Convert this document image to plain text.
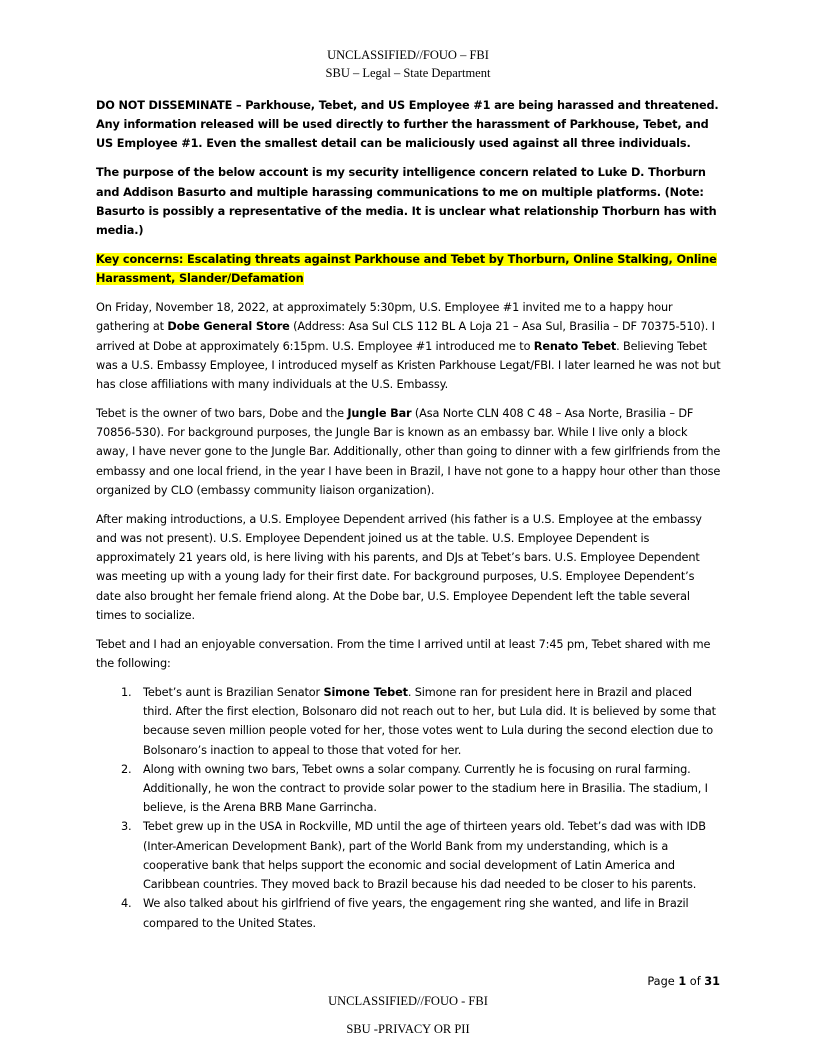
UNCLASSIFIED//FOUO – FBI
SBU – Legal – State Department

DO NOT DISSEMINATE – Parkhouse, Tebet, and US Employee #1 are being harassed and threatened. Any information released will be used directly to further the harassment of Parkhouse, Tebet, and US Employee #1. Even the smallest detail can be maliciously used against all three individuals.

The purpose of the below account is my security intelligence concern related to Luke D. Thorburn and Addison Basurto and multiple harassing communications to me on multiple platforms. (Note: Basurto is possibly a representative of the media. It is unclear what relationship Thorburn has with media.)

Key concerns: Escalating threats against Parkhouse and Tebet by Thorburn, Online Stalking, Online Harassment, Slander/Defamation

On Friday, November 18, 2022, at approximately 5:30pm, U.S. Employee #1 invited me to a happy hour gathering at Dobe General Store (Address: Asa Sul CLS 112 BL A Loja 21 – Asa Sul, Brasilia – DF 70375-510). I arrived at Dobe at approximately 6:15pm. U.S. Employee #1 introduced me to Renato Tebet. Believing Tebet was a U.S. Embassy Employee, I introduced myself as Kristen Parkhouse Legat/FBI. I later learned he was not but has close affiliations with many individuals at the U.S. Embassy.

Tebet is the owner of two bars, Dobe and the Jungle Bar (Asa Norte CLN 408 C 48 – Asa Norte, Brasilia – DF 70856-530). For background purposes, the Jungle Bar is known as an embassy bar. While I live only a block away, I have never gone to the Jungle Bar. Additionally, other than going to dinner with a few girlfriends from the embassy and one local friend, in the year I have been in Brazil, I have not gone to a happy hour other than those organized by CLO (embassy community liaison organization).

After making introductions, a U.S. Employee Dependent arrived (his father is a U.S. Employee at the embassy and was not present). U.S. Employee Dependent joined us at the table. U.S. Employee Dependent is approximately 21 years old, is here living with his parents, and DJs at Tebet’s bars. U.S. Employee Dependent was meeting up with a young lady for their first date. For background purposes, U.S. Employee Dependent’s date also brought her female friend along. At the Dobe bar, U.S. Employee Dependent left the table several times to socialize.

Tebet and I had an enjoyable conversation. From the time I arrived until at least 7:45 pm, Tebet shared with me the following:

1. Tebet’s aunt is Brazilian Senator Simone Tebet. Simone ran for president here in Brazil and placed third. After the first election, Bolsonaro did not reach out to her, but Lula did. It is believed by some that because seven million people voted for her, those votes went to Lula during the second election due to Bolsonaro’s inaction to appeal to those that voted for her.
2. Along with owning two bars, Tebet owns a solar company. Currently he is focusing on rural farming. Additionally, he won the contract to provide solar power to the stadium here in Brasilia. The stadium, I believe, is the Arena BRB Mane Garrincha.
3. Tebet grew up in the USA in Rockville, MD until the age of thirteen years old. Tebet’s dad was with IDB (Inter-American Development Bank), part of the World Bank from my understanding, which is a cooperative bank that helps support the economic and social development of Latin America and Caribbean countries. They moved back to Brazil because his dad needed to be closer to his parents.
4. We also talked about his girlfriend of five years, the engagement ring she wanted, and life in Brazil compared to the United States.
Page 1 of 31
UNCLASSIFIED//FOUO - FBI
SBU -PRIVACY OR PII
